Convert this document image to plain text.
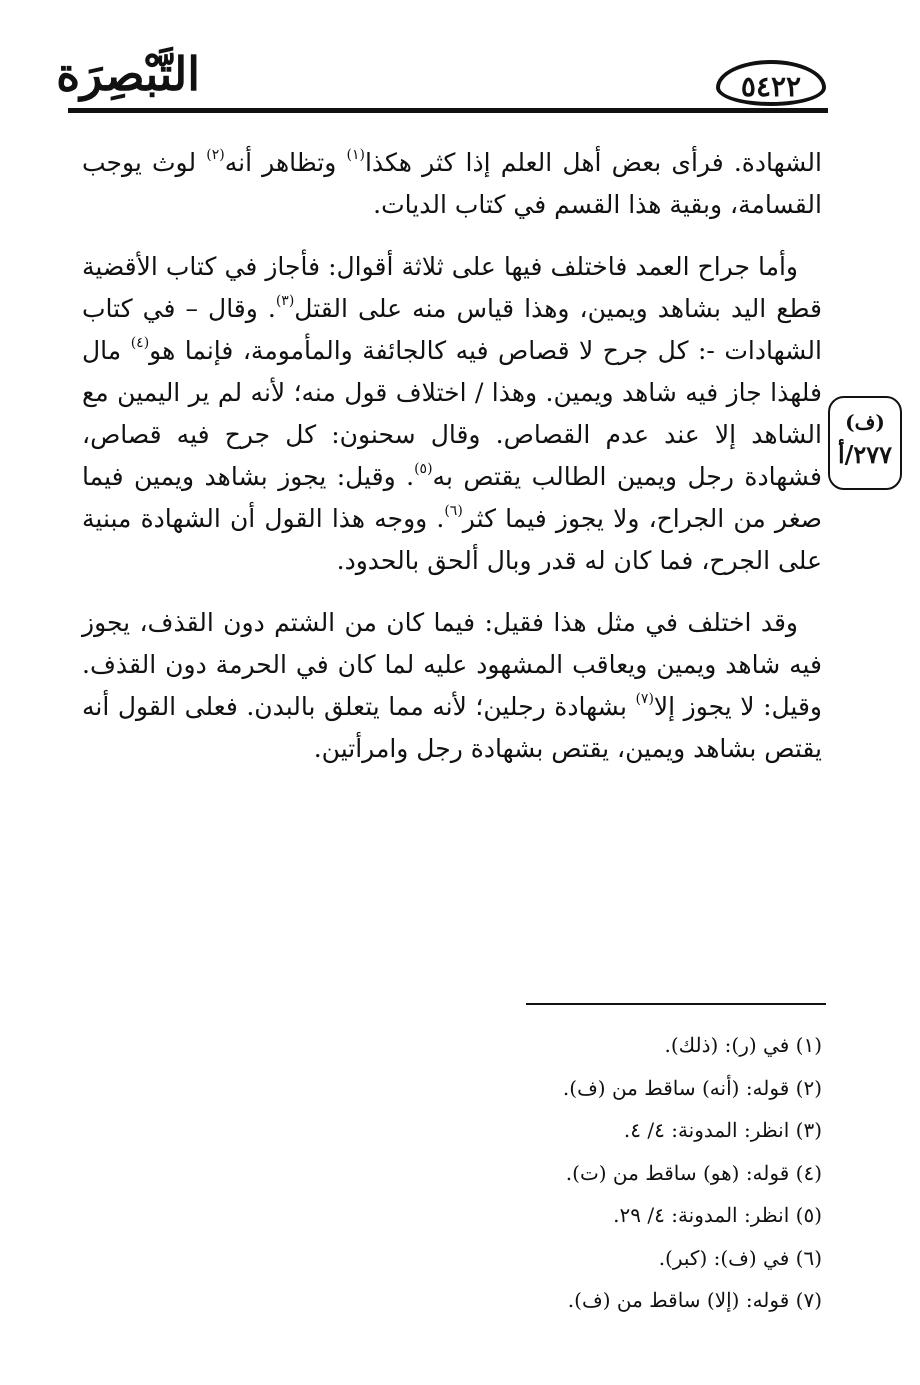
٥٤٢٢
التَّبْصِرَة
(ف)
٢٧٧/أ

الشهادة. فرأى بعض أهل العلم إذا كثر هكذا$^{(١)}$ وتظاهر أنه$^{(٢)}$ لوث يوجب القسامة، وبقية هذا القسم في كتاب الديات.

وأما جراح العمد فاختلف فيها على ثلاثة أقوال: فأجاز في كتاب الأقضية قطع اليد بشاهد ويمين، وهذا قياس منه على القتل$^{(٣)}$. وقال – في كتاب الشهادات -: كل جرح لا قصاص فيه كالجائفة والمأمومة، فإنما هو$^{(٤)}$ مال فلهذا جاز فيه شاهد ويمين. وهذا / اختلاف قول منه؛ لأنه لم ير اليمين مع الشاهد إلا عند عدم القصاص. وقال سحنون: كل جرح فيه قصاص، فشهادة رجل ويمين الطالب يقتص به$^{(٥)}$. وقيل: يجوز بشاهد ويمين فيما صغر من الجراح، ولا يجوز فيما كثر$^{(٦)}$. ووجه هذا القول أن الشهادة مبنية على الجرح، فما كان له قدر وبال ألحق بالحدود.

وقد اختلف في مثل هذا فقيل: فيما كان من الشتم دون القذف، يجوز فيه شاهد ويمين ويعاقب المشهود عليه لما كان في الحرمة دون القذف. وقيل: لا يجوز إلا$^{(٧)}$ بشهادة رجلين؛ لأنه مما يتعلق بالبدن. فعلى القول أنه يقتص بشاهد ويمين، يقتص بشهادة رجل وامرأتين.

(١) في (ر): (ذلك).
(٢) قوله: (أنه) ساقط من (ف).
(٣) انظر: المدونة: ٤/ ٤.
(٤) قوله: (هو) ساقط من (ت).
(٥) انظر: المدونة: ٤/ ٢٩.
(٦) في (ف): (كبر).
(٧) قوله: (إلا) ساقط من (ف).
